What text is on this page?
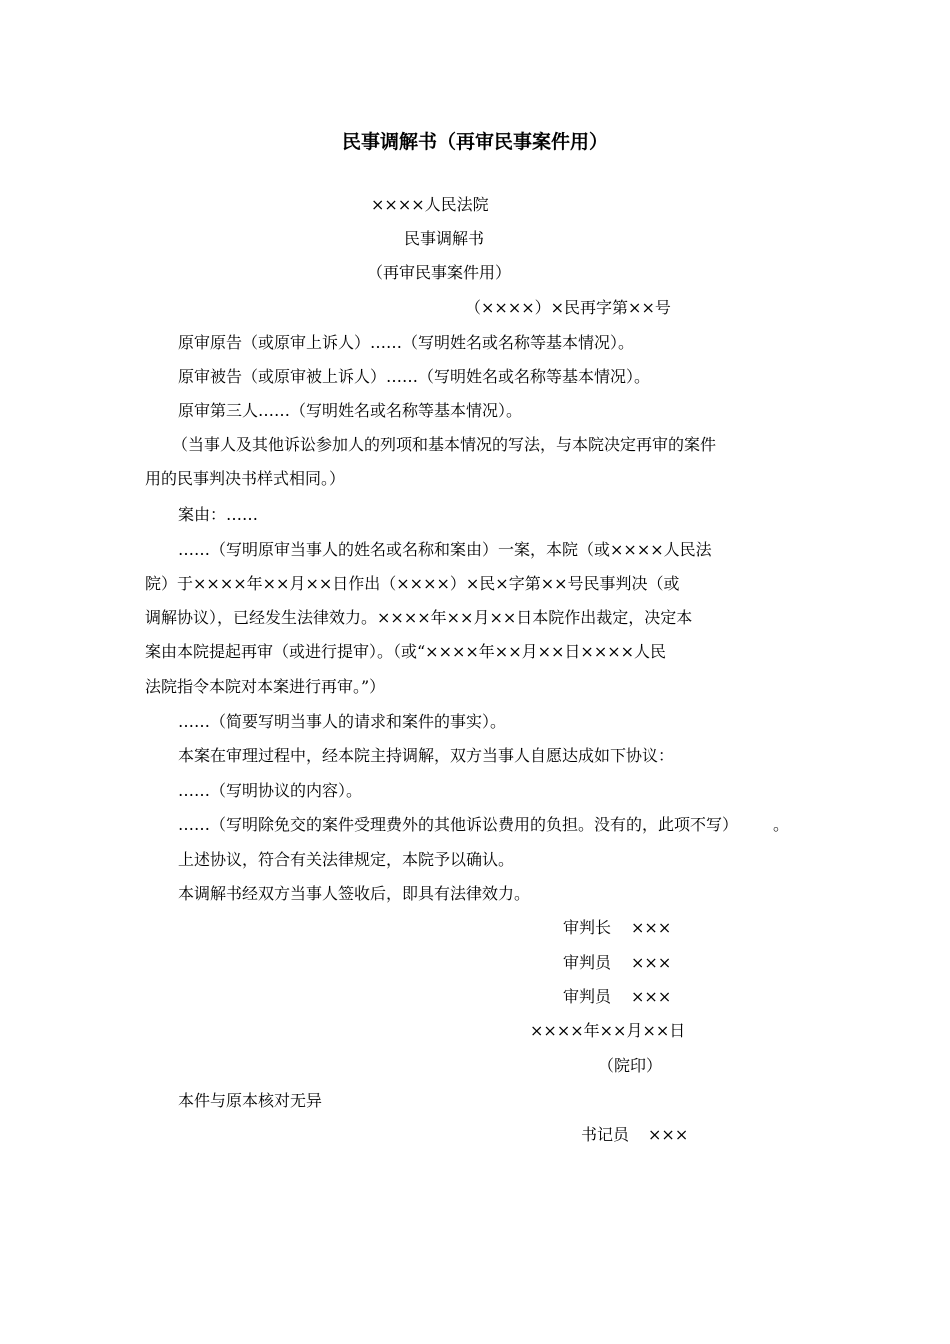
民事调解书（再审民事案件用）
××××人民法院
民事调解书
（再审民事案件用）
（××××）×民再字第××号
原审原告（或原审上诉人）……（写明姓名或名称等基本情况）。
原审被告（或原审被上诉人）……（写明姓名或名称等基本情况）。
原审第三人……（写明姓名或名称等基本情况）。
（当事人及其他诉讼参加人的列项和基本情况的写法，与本院决定再审的案件
用的民事判决书样式相同。）
案由：……
……（写明原审当事人的姓名或名称和案由）一案，本院（或××××人民法
院）于××××年××月××日作出（××××）×民×字第××号民事判决（或
调解协议），已经发生法律效力。××××年××月××日本院作出裁定，决定本
案由本院提起再审（或进行提审）。（或“××××年××月××日××××人民
法院指令本院对本案进行再审。”）
……（简要写明当事人的请求和案件的事实）。
本案在审理过程中，经本院主持调解，双方当事人自愿达成如下协议：
……（写明协议的内容）。
……（写明除免交的案件受理费外的其他诉讼费用的负担。没有的，此项不写） 。
上述协议，符合有关法律规定，本院予以确认。
本调解书经双方当事人签收后，即具有法律效力。
审判长 ×××
审判员 ×××
审判员 ×××
××××年××月××日
（院印）
本件与原本核对无异
书记员 ×××
